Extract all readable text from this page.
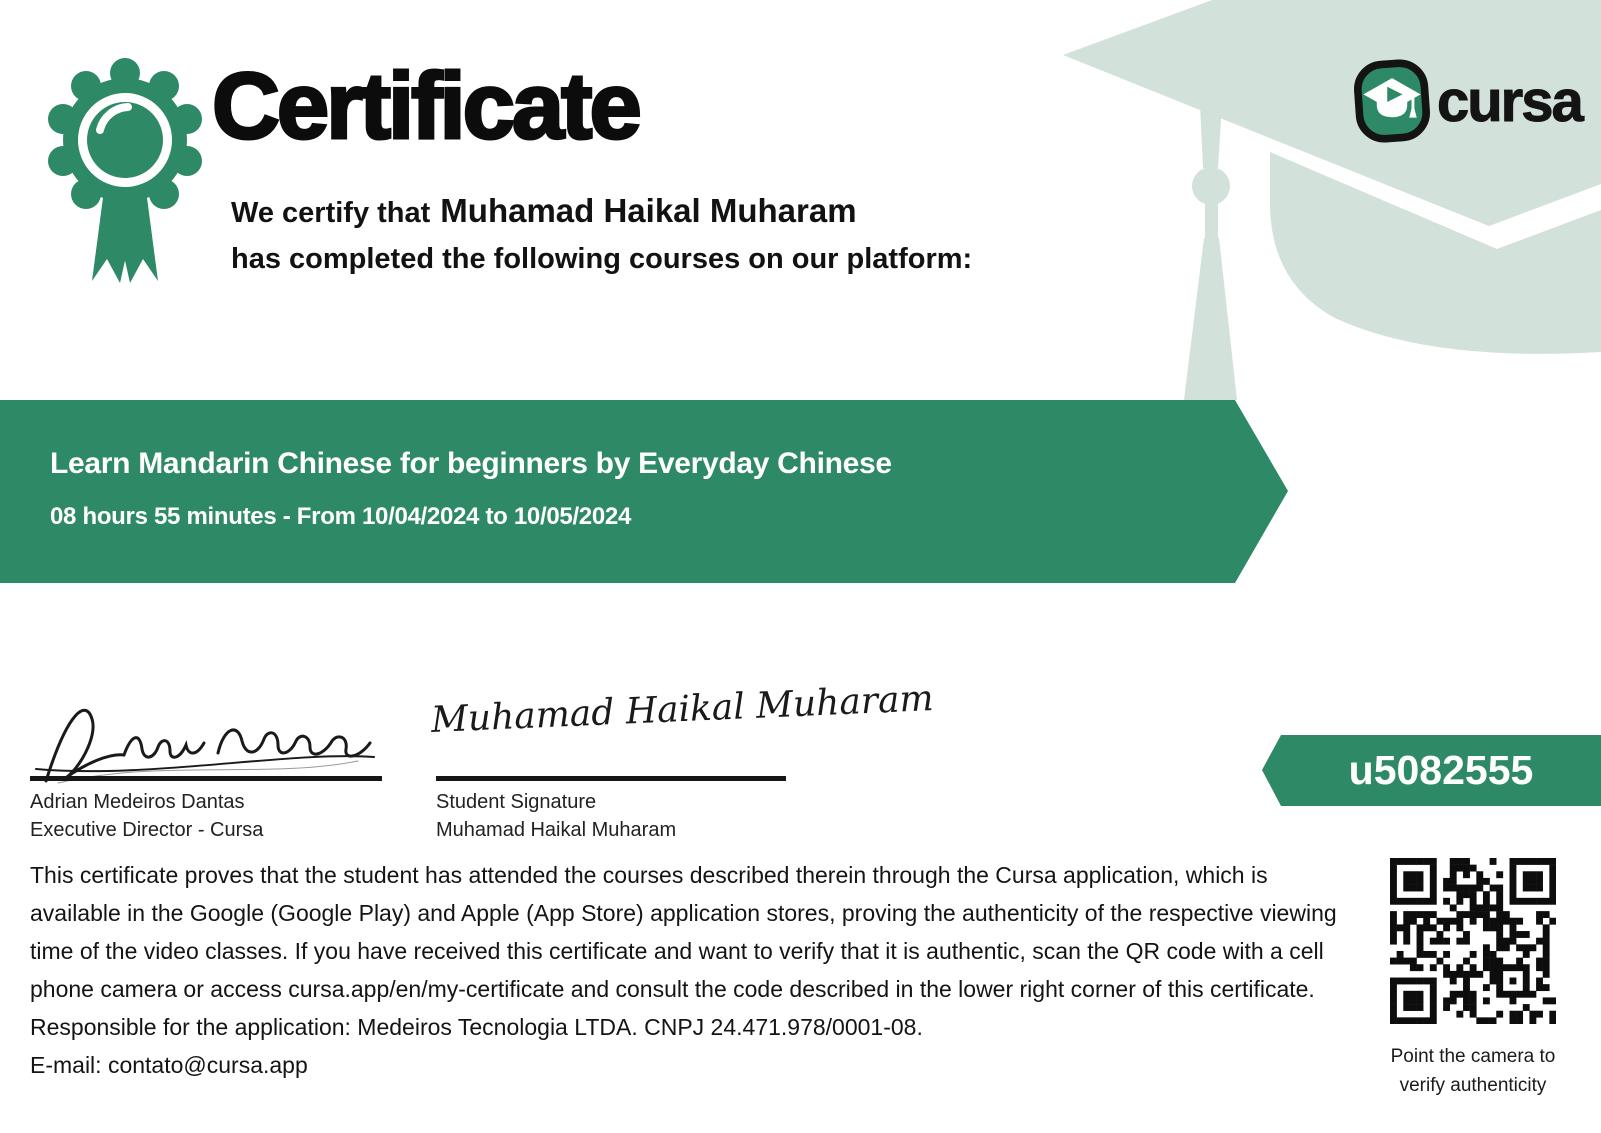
Certificate
We certify that Muhamad Haikal Muharam
has completed the following courses on our platform:
cursa
Learn Mandarin Chinese for beginners by Everyday Chinese
08 hours 55 minutes - From 10/04/2024 to 10/05/2024
u5082555
Muhamad Haikal Muharam
Adrian Medeiros Dantas
Executive Director - Cursa
Student Signature
Muhamad Haikal Muharam
This certificate proves that the student has attended the courses described therein through the Cursa application, which is available in the Google (Google Play) and Apple (App Store) application stores, proving the authenticity of the respective viewing time of the video classes. If you have received this certificate and want to verify that it is authentic, scan the QR code with a cell phone camera or access cursa.app/en/my-certificate and consult the code described in the lower right corner of this certificate.
Responsible for the application: Medeiros Tecnologia LTDA. CNPJ 24.471.978/0001-08.
E-mail: contato@cursa.app	Point the camera to
verify authenticity
